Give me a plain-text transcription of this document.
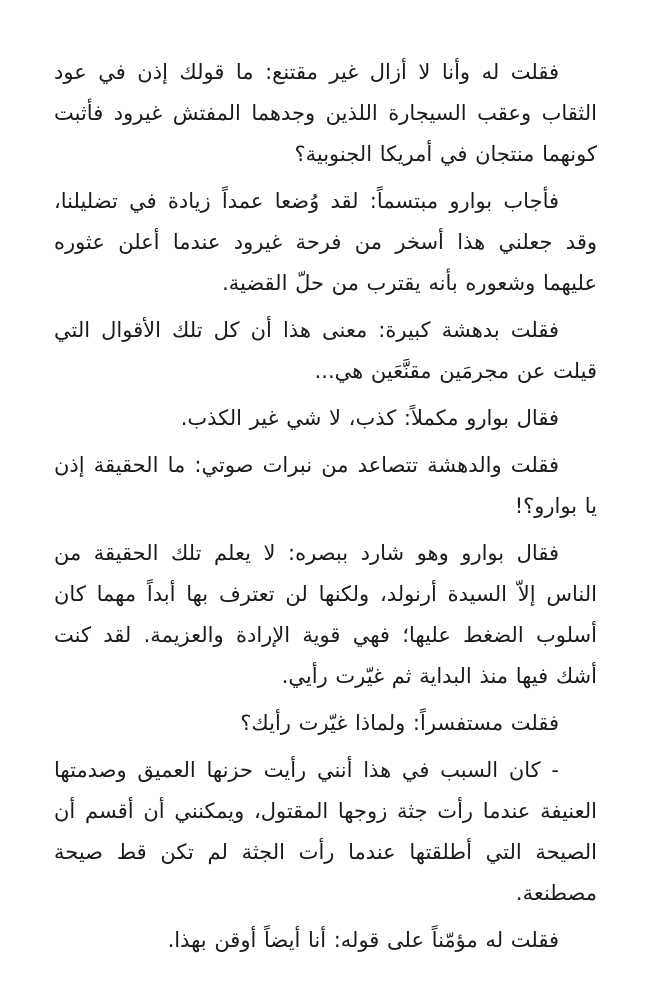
فقلت له وأنا لا أزال غير مقتنع: ما قولك إذن في عود الثقاب وعقب السيجارة اللذين وجدهما المفتش غيرود فأثبت كونهما منتجان في أمريكا الجنوبية؟

فأجاب بوارو مبتسماً: لقد وُضعا عمداً زيادة في تضليلنا، وقد جعلني هذا أسخر من فرحة غيرود عندما أعلن عثوره عليهما وشعوره بأنه يقترب من حلّ القضية.

فقلت بدهشة كبيرة: معنى هذا أن كل تلك الأقوال التي قيلت عن مجرمَين مقنَّعَين هي...

فقال بوارو مكملاً: كذب، لا شي غير الكذب.

فقلت والدهشة تتصاعد من نبرات صوتي: ما الحقيقة إذن يا بوارو؟!

فقال بوارو وهو شارد ببصره: لا يعلم تلك الحقيقة من الناس إلاّ السيدة أرنولد، ولكنها لن تعترف بها أبداً مهما كان أسلوب الضغط عليها؛ فهي قوية الإرادة والعزيمة. لقد كنت أشك فيها منذ البداية ثم غيّرت رأيي.

فقلت مستفسراً: ولماذا غيّرت رأيك؟

- كان السبب في هذا أنني رأيت حزنها العميق وصدمتها العنيفة عندما رأت جثة زوجها المقتول، ويمكنني أن أقسم أن الصيحة التي أطلقتها عندما رأت الجثة لم تكن قط صيحة مصطنعة.

فقلت له مؤمّناً على قوله: أنا أيضاً أوقن بهذا.
